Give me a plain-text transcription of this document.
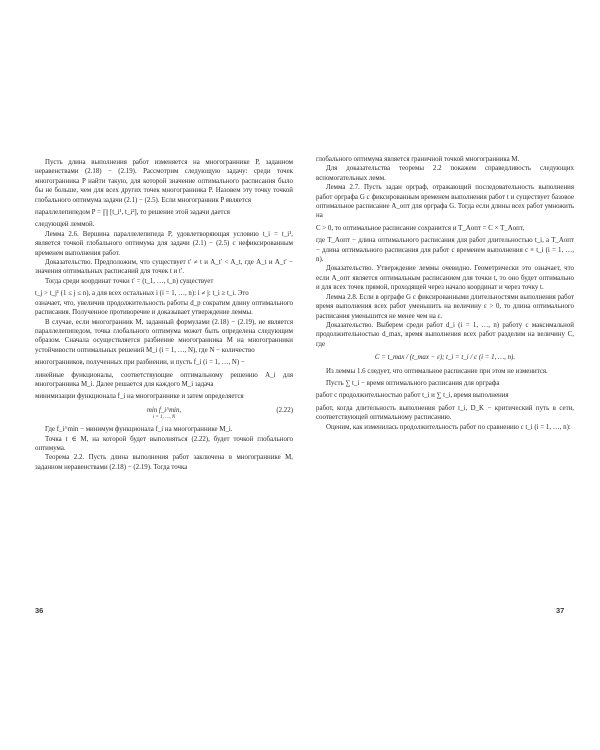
Пусть длина выполнения работ изменяется на многограннике P, заданном неравенствами (2.18) − (2.19). Рассмотрим следующую задачу: среди точек многогранника P найти такую, для которой значение оптимального расписания было бы не больше, чем для всех других точек многогранника P. Назовем эту точку точкой глобального оптимума задачи (2.1) − (2.5). Если многогранник P является

параллелепипедом P = ∏ [t_i¹, t_i²], то решение этой задачи дается

следующей леммой.

Лемма 2.6. Вершина параллелепипеда P, удовлетворяющая условию t_i = t_i¹, является точкой глобального оптимума для задачи (2.1) − (2.5) с нефиксированным временем выполнения работ.

Доказательство. Предположим, что существует t′ ≠ t и A_t′ < A_t, где A_t и A_t′ − значения оптимальных расписаний для точек t и t′.

Тогда среди координат точки t′ = (t_1, …, t_n) существует

t_j > t_j¹ (1 ≤ j ≤ n), а для всех остальных i (i = 1, …, n): i ≠ j: t_i ≥ t_i. Это

означает, что, увеличив продолжительность работы d_p сократим длину оптимального расписания. Полученное противоречие и доказывает утверждение леммы.

В случае, если многогранник M, заданный формулами (2.18) − (2.19), не является параллелепипедом, точка глобального оптимума может быть определена следующим образом. Сначала осуществляется разбиение многогранника M на многогранники устойчивости оптимальных решений M_i (i = 1, …, N), где N − количество

многогранников, полученных при разбиении, и пусть f_i (i = 1, …, N) −

линейные функционалы, соответствующие оптимальному решению A_i для многогранника M_i. Далее решается для каждого M_i задача

минимизации функционала f_i на многограннике и затем определяется

min f_i^min,	(2.22)
i = 1, …, N

Где f_i^min − минимум функционала f_i на многограннике M_i.

Точка t ∈ M, на которой будет выполняться (2.22), будет точкой глобального оптимума.

Теорема 2.2. Пусть длина выполнения работ заключена в многограннике M, заданном неравенствами (2.18) − (2.19). Тогда точка

36

глобального оптимума является граничной точкой многогранника M.

Для доказательства теоремы 2.2 покажем справедливость следующих вспомогательных лемм.

Лемма 2.7. Пусть задан орграф, отражающий последовательность выполнения работ орграфа G с фиксированным временем выполнения работ t и существует базовое оптимальное расписание A_опт для орграфа G. Тогда если длины всех работ умножить на

C > 0, то оптимальное расписание сохранится и T_Aопт = C × T_Aопт,

где T_Aопт − длина оптимального расписания для работ длительностью t_i, а T_Aопт − длина оптимального расписания для работ с временем выполнения c × t_i (i = 1, …, n).

Доказательство. Утверждение леммы очевидно. Геометрически это означает, что если A_опт является оптимальным расписанием для точки t, то оно будет оптимально и для всех точек прямой, проходящей через начало координат и через точку t.

Лемма 2.8. Если в орграфе G с фиксированными длительностями выполнения работ время выполнения всех работ уменьшить на величину ε > 0, то длина оптимального расписания уменьшится не менее чем на ε.

Доказательство. Выберем среди работ d_i (i = 1, …, n) работу с максимальной продолжительностью d_max, время выполнения всех работ разделим на величину C, где

C = t_max / (t_max − ε); t_i = t_i / c (i = 1, …, n).

Из леммы 1.6 следует, что оптимальное расписание при этом не изменится.

Пусть ∑ t_i − время оптимального расписания для орграфа

работ с продолжительностью работ t_i и ∑ t_i, время выполнения

работ, когда длительность выполнения работ t_i, D_K − критический путь в сети, соответствующей оптимальному расписанию.

Оценим, как изменилась продолжительность работ по сравнению с t_i (i = 1, …, n):

37
